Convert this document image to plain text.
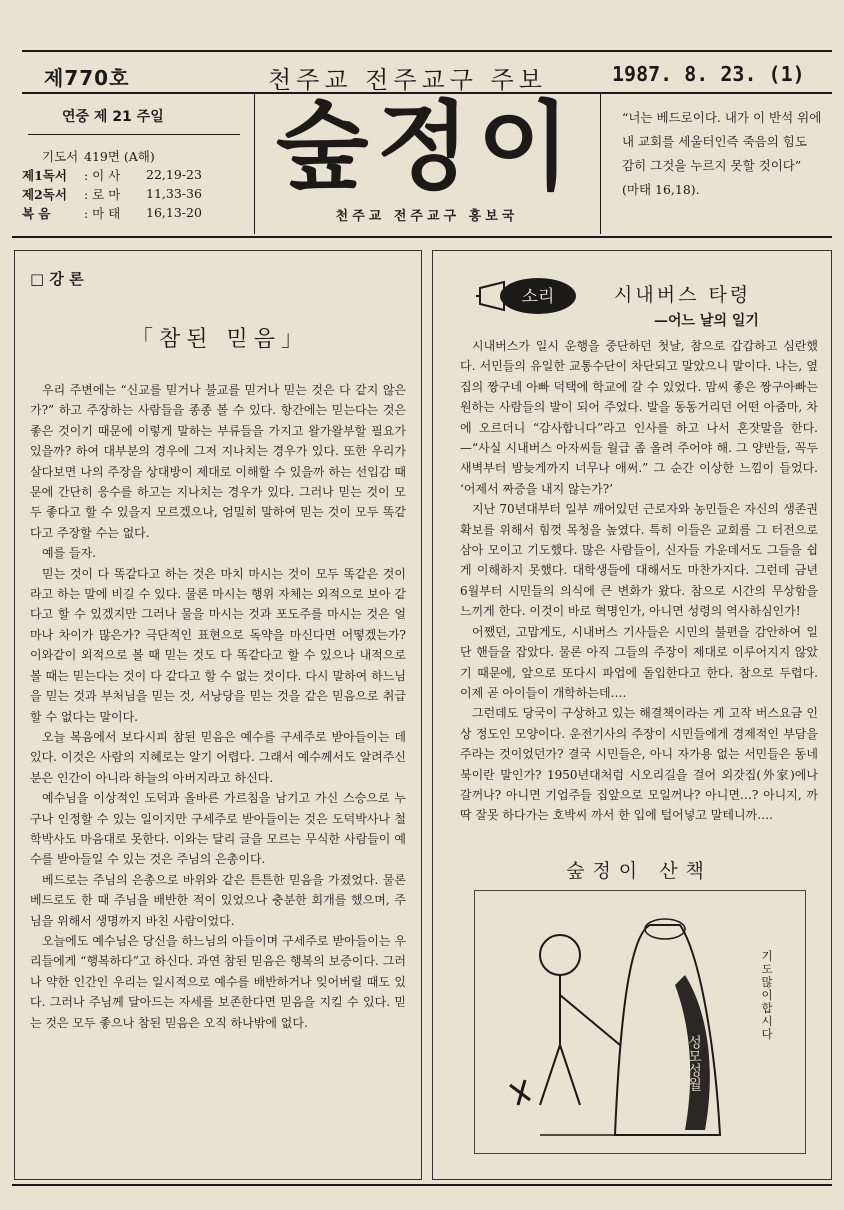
제770호	천주교 전주교구 주보	1987. 8. 23. (1)
연중 제 21 주일
기도서 419면 (A해)
제1독서	: 이 사	22,19-23
제2독서	: 로 마	11,33-36
복 음	: 마 태	16,13-20
숲정이
천주교 전주교구 홍보국
“너는 베드로이다. 내가 이 반석 위에 내 교회를 세울터인즉 죽음의 힘도 감히 그것을 누르지 못할 것이다” (마태 16,18).
□ 강 론
「참된 믿음」

우리 주변에는 “신교를 믿거나 불교를 믿거나 믿는 것은 다 같지 않은가?” 하고 주장하는 사람들을 종종 볼 수 있다. 항간에는 믿는다는 것은 좋은 것이기 때문에 이렇게 말하는 부류들을 가지고 왈가왈부할 필요가 있을까? 하여 대부분의 경우에 그저 지나치는 경우가 있다. 또한 우리가 살다보면 나의 주장을 상대방이 제대로 이해할 수 있을까 하는 선입감 때문에 간단히 응수를 하고는 지나치는 경우가 있다. 그러나 믿는 것이 모두 좋다고 할 수 있을지 모르겠으나, 엄밀히 말하여 믿는 것이 모두 똑같다고 주장할 수는 없다.

예를 들자.

믿는 것이 다 똑같다고 하는 것은 마치 마시는 것이 모두 똑같은 것이라고 하는 말에 비길 수 있다. 물론 마시는 행위 자체는 외적으로 보아 같다고 할 수 있겠지만 그러나 물을 마시는 것과 포도주를 마시는 것은 얼마나 차이가 많은가? 극단적인 표현으로 독약을 마신다면 어떻겠는가? 이와같이 외적으로 볼 때 믿는 것도 다 똑같다고 할 수 있으나 내적으로 볼 때는 믿는다는 것이 다 같다고 할 수 없는 것이다. 다시 말하여 하느님을 믿는 것과 부처님을 믿는 것, 서낭당을 믿는 것을 같은 믿음으로 취급할 수 없다는 말이다.

오늘 복음에서 보다시피 참된 믿음은 예수를 구세주로 받아들이는 데 있다. 이것은 사람의 지혜로는 알기 어렵다. 그래서 예수께서도 알려주신 분은 인간이 아니라 하늘의 아버지라고 하신다.

예수님을 이상적인 도덕과 올바른 가르침을 남기고 가신 스승으로 누구나 인정할 수 있는 일이지만 구세주로 받아들이는 것은 도덕박사나 철학박사도 마음대로 못한다. 이와는 달리 글을 모르는 무식한 사람들이 예수를 받아들일 수 있는 것은 주님의 은총이다.

베드로는 주님의 은총으로 바위와 같은 튼튼한 믿음을 가졌었다. 물론 베드로도 한 때 주님을 배반한 적이 있었으나 충분한 회개를 했으며, 주님을 위해서 생명까지 바친 사람이었다.

오늘에도 예수님은 당신을 하느님의 아들이며 구세주로 받아들이는 우리들에게 “행복하다”고 하신다. 과연 참된 믿음은 행복의 보증이다. 그러나 약한 인간인 우리는 일시적으로 예수를 배반하거나 잊어버릴 때도 있다. 그러나 주님께 달아드는 자세를 보존한다면 믿음을 지킬 수 있다. 믿는 것은 모두 좋으나 참된 믿음은 오직 하나밖에 없다.

소리	시내버스 타령
—어느 날의 일기

시내버스가 일시 운행을 중단하던 첫날, 참으로 갑갑하고 심란했다. 서민들의 유일한 교통수단이 차단되고 말았으니 말이다. 나는, 옆집의 짱구네 아빠 덕택에 학교에 갈 수 있었다. 맘씨 좋은 짱구아빠는 원하는 사람들의 발이 되어 주었다. 발을 동동거리던 어떤 아줌마, 차에 오르더니 “감사합니다”라고 인사를 하고 나서 혼잣말을 한다. —“사실 시내버스 아자씨들 월급 좀 올려 주어야 해. 그 양반들, 꼭두새벽부터 밤늦게까지 너무나 애써.” 그 순간 이상한 느낌이 들었다. ‘어제서 짜증을 내지 않는가?’

지난 70년대부터 일부 깨어있던 근로자와 농민들은 자신의 생존권 확보를 위해서 힘껏 목청을 높였다. 특히 이들은 교회를 그 터전으로 삼아 모이고 기도했다. 많은 사람들이, 신자들 가운데서도 그들을 쉽게 이해하지 못했다. 대학생들에 대해서도 마찬가지다. 그런데 금년 6월부터 시민들의 의식에 큰 변화가 왔다. 참으로 시간의 무상함을 느끼게 한다. 이것이 바로 혁명인가, 아니면 성령의 역사하심인가!

어쨌던, 고맙게도, 시내버스 기사들은 시민의 불편을 감안하여 일단 핸들을 잡았다. 물론 아직 그들의 주장이 제대로 이루어지지 않았기 때문에, 앞으로 또다시 파업에 돌입한다고 한다. 참으로 두렵다. 이제 곧 아이들이 개학하는데….

그런데도 당국이 구상하고 있는 해결책이라는 게 고작 버스요금 인상 정도인 모양이다. 운전기사의 주장이 시민들에게 경제적인 부담을 주라는 것이었던가? 결국 시민들은, 아니 자가용 없는 서민들은 동네북이란 말인가? 1950년대처럼 시오리길을 걸어 외갓집(外家)에나 갈꺼나? 아니면 기업주들 집앞으로 모일꺼나? 아니면…? 아니지, 까딱 잘못 하다가는 호박씨 까서 한 입에 털어넣고 말테니까….

숲정이 산책
성모성월
기도 많이합시다
